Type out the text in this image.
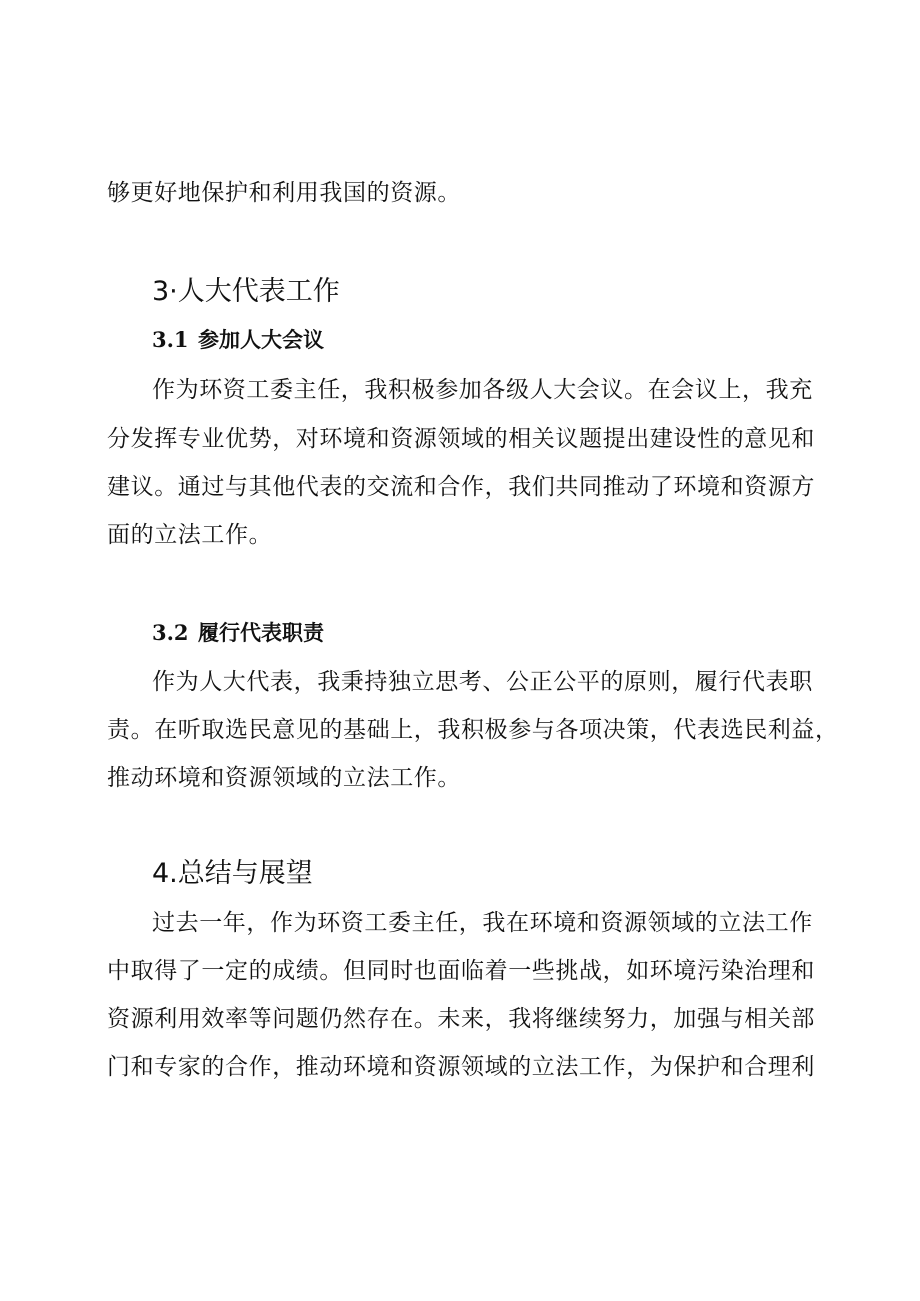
够更好地保护和利用我国的资源。
3·人大代表工作
3.1 参加人大会议
作为环资工委主任，我积极参加各级人大会议。在会议上，我充
分发挥专业优势，对环境和资源领域的相关议题提出建设性的意见和
建议。通过与其他代表的交流和合作，我们共同推动了环境和资源方
面的立法工作。
3.2 履行代表职责
作为人大代表，我秉持独立思考、公正公平的原则，履行代表职
责。在听取选民意见的基础上，我积极参与各项决策，代表选民利益，
推动环境和资源领域的立法工作。
4.总结与展望
过去一年，作为环资工委主任，我在环境和资源领域的立法工作
中取得了一定的成绩。但同时也面临着一些挑战，如环境污染治理和
资源利用效率等问题仍然存在。未来，我将继续努力，加强与相关部
门和专家的合作，推动环境和资源领域的立法工作，为保护和合理利
